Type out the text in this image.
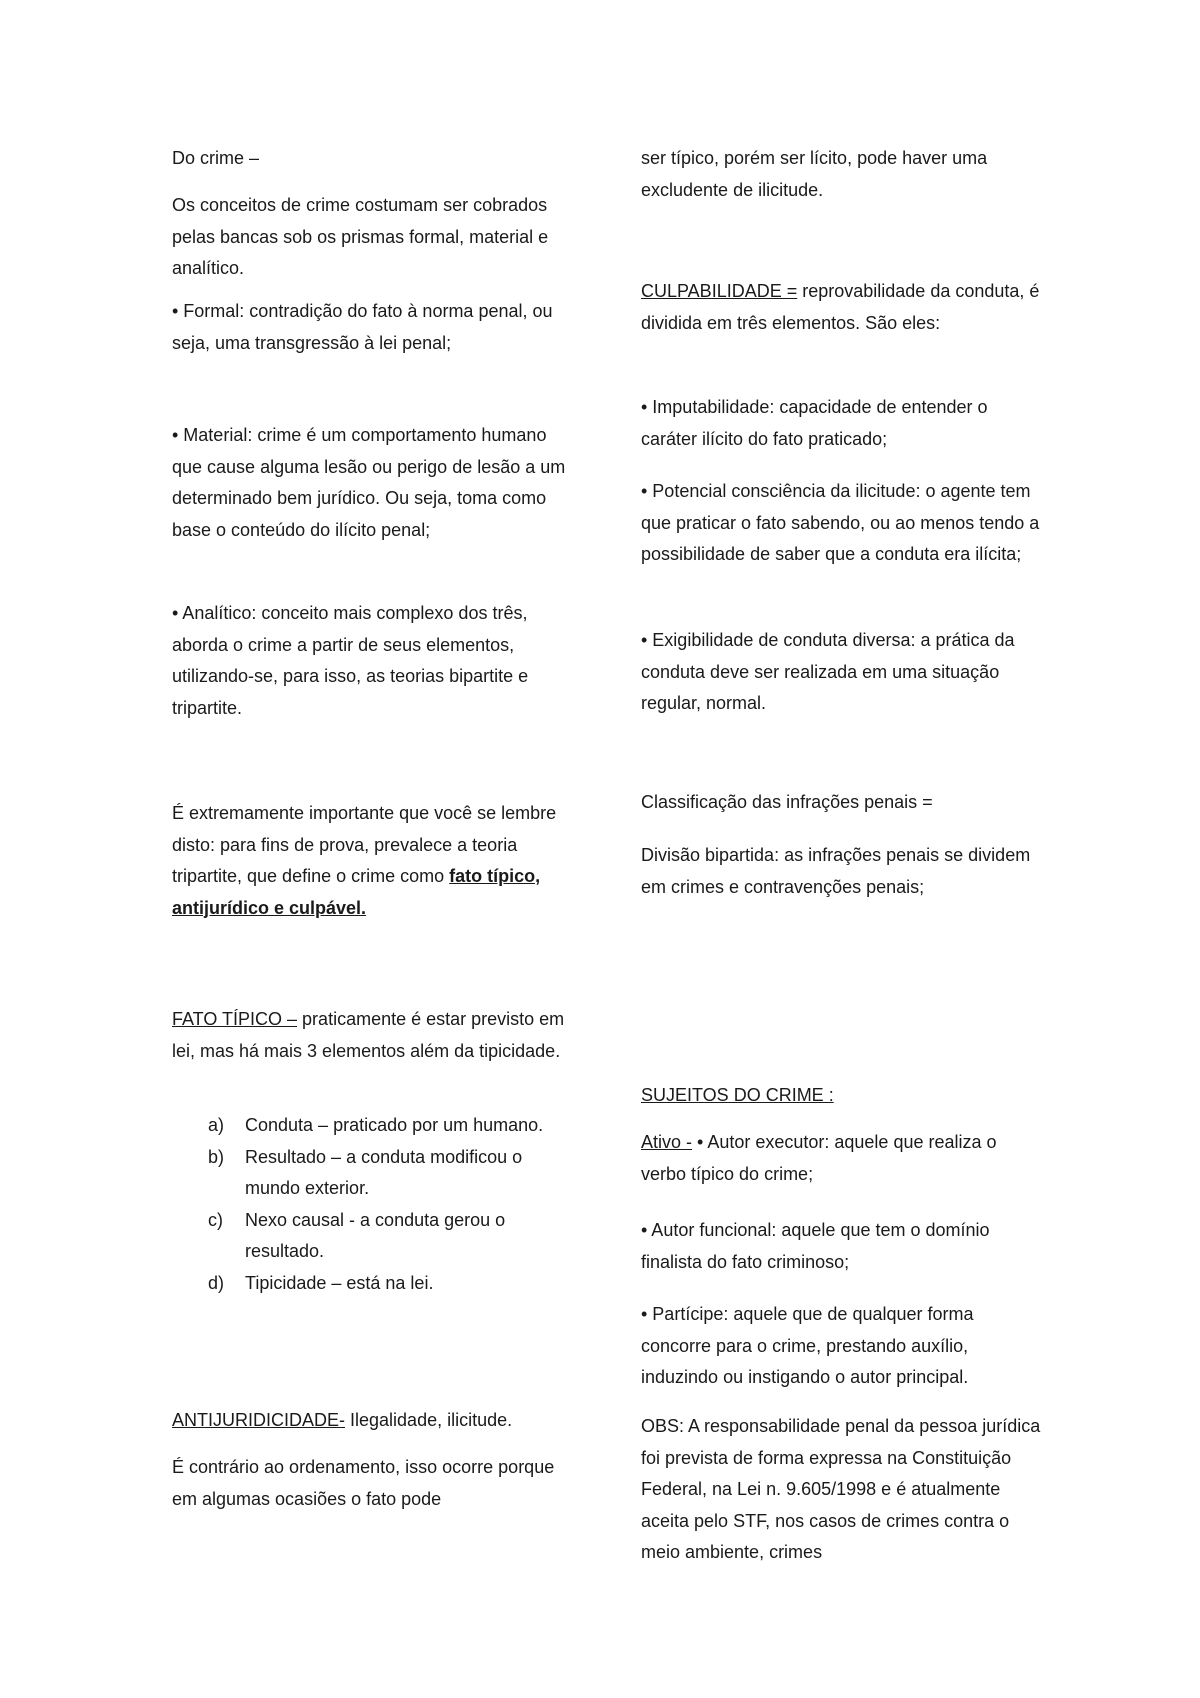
Do crime –

Os conceitos de crime costumam ser cobrados pelas bancas sob os prismas formal, material e analítico.

• Formal: contradição do fato à norma penal, ou seja, uma transgressão à lei penal;

• Material: crime é um comportamento humano que cause alguma lesão ou perigo de lesão a um determinado bem jurídico. Ou seja, toma como base o conteúdo do ilícito penal;

• Analítico: conceito mais complexo dos três, aborda o crime a partir de seus elementos, utilizando-se, para isso, as teorias bipartite e tripartite.

É extremamente importante que você se lembre disto: para fins de prova, prevalece a teoria tripartite, que define o crime como fato típico, antijurídico e culpável.

FATO TÍPICO – praticamente é estar previsto em lei, mas há mais 3 elementos além da tipicidade.

a) Conduta – praticado por um humano.
b) Resultado – a conduta modificou o mundo exterior.
c) Nexo causal - a conduta gerou o resultado.
d) Tipicidade – está na lei.

ANTIJURIDICIDADE- Ilegalidade, ilicitude.

É contrário ao ordenamento, isso ocorre porque em algumas ocasiões o fato pode

ser típico, porém ser lícito, pode haver uma excludente de ilicitude.

CULPABILIDADE = reprovabilidade da conduta, é dividida em três elementos. São eles:

• Imputabilidade: capacidade de entender o caráter ilícito do fato praticado;

• Potencial consciência da ilicitude: o agente tem que praticar o fato sabendo, ou ao menos tendo a possibilidade de saber que a conduta era ilícita;

• Exigibilidade de conduta diversa: a prática da conduta deve ser realizada em uma situação regular, normal.

Classificação das infrações penais =

Divisão bipartida: as infrações penais se dividem em crimes e contravenções penais;

SUJEITOS DO CRIME :

Ativo - • Autor executor: aquele que realiza o verbo típico do crime;

• Autor funcional: aquele que tem o domínio finalista do fato criminoso;

• Partícipe: aquele que de qualquer forma concorre para o crime, prestando auxílio, induzindo ou instigando o autor principal.

OBS: A responsabilidade penal da pessoa jurídica foi prevista de forma expressa na Constituição Federal, na Lei n. 9.605/1998 e é atualmente aceita pelo STF, nos casos de crimes contra o meio ambiente, crimes
